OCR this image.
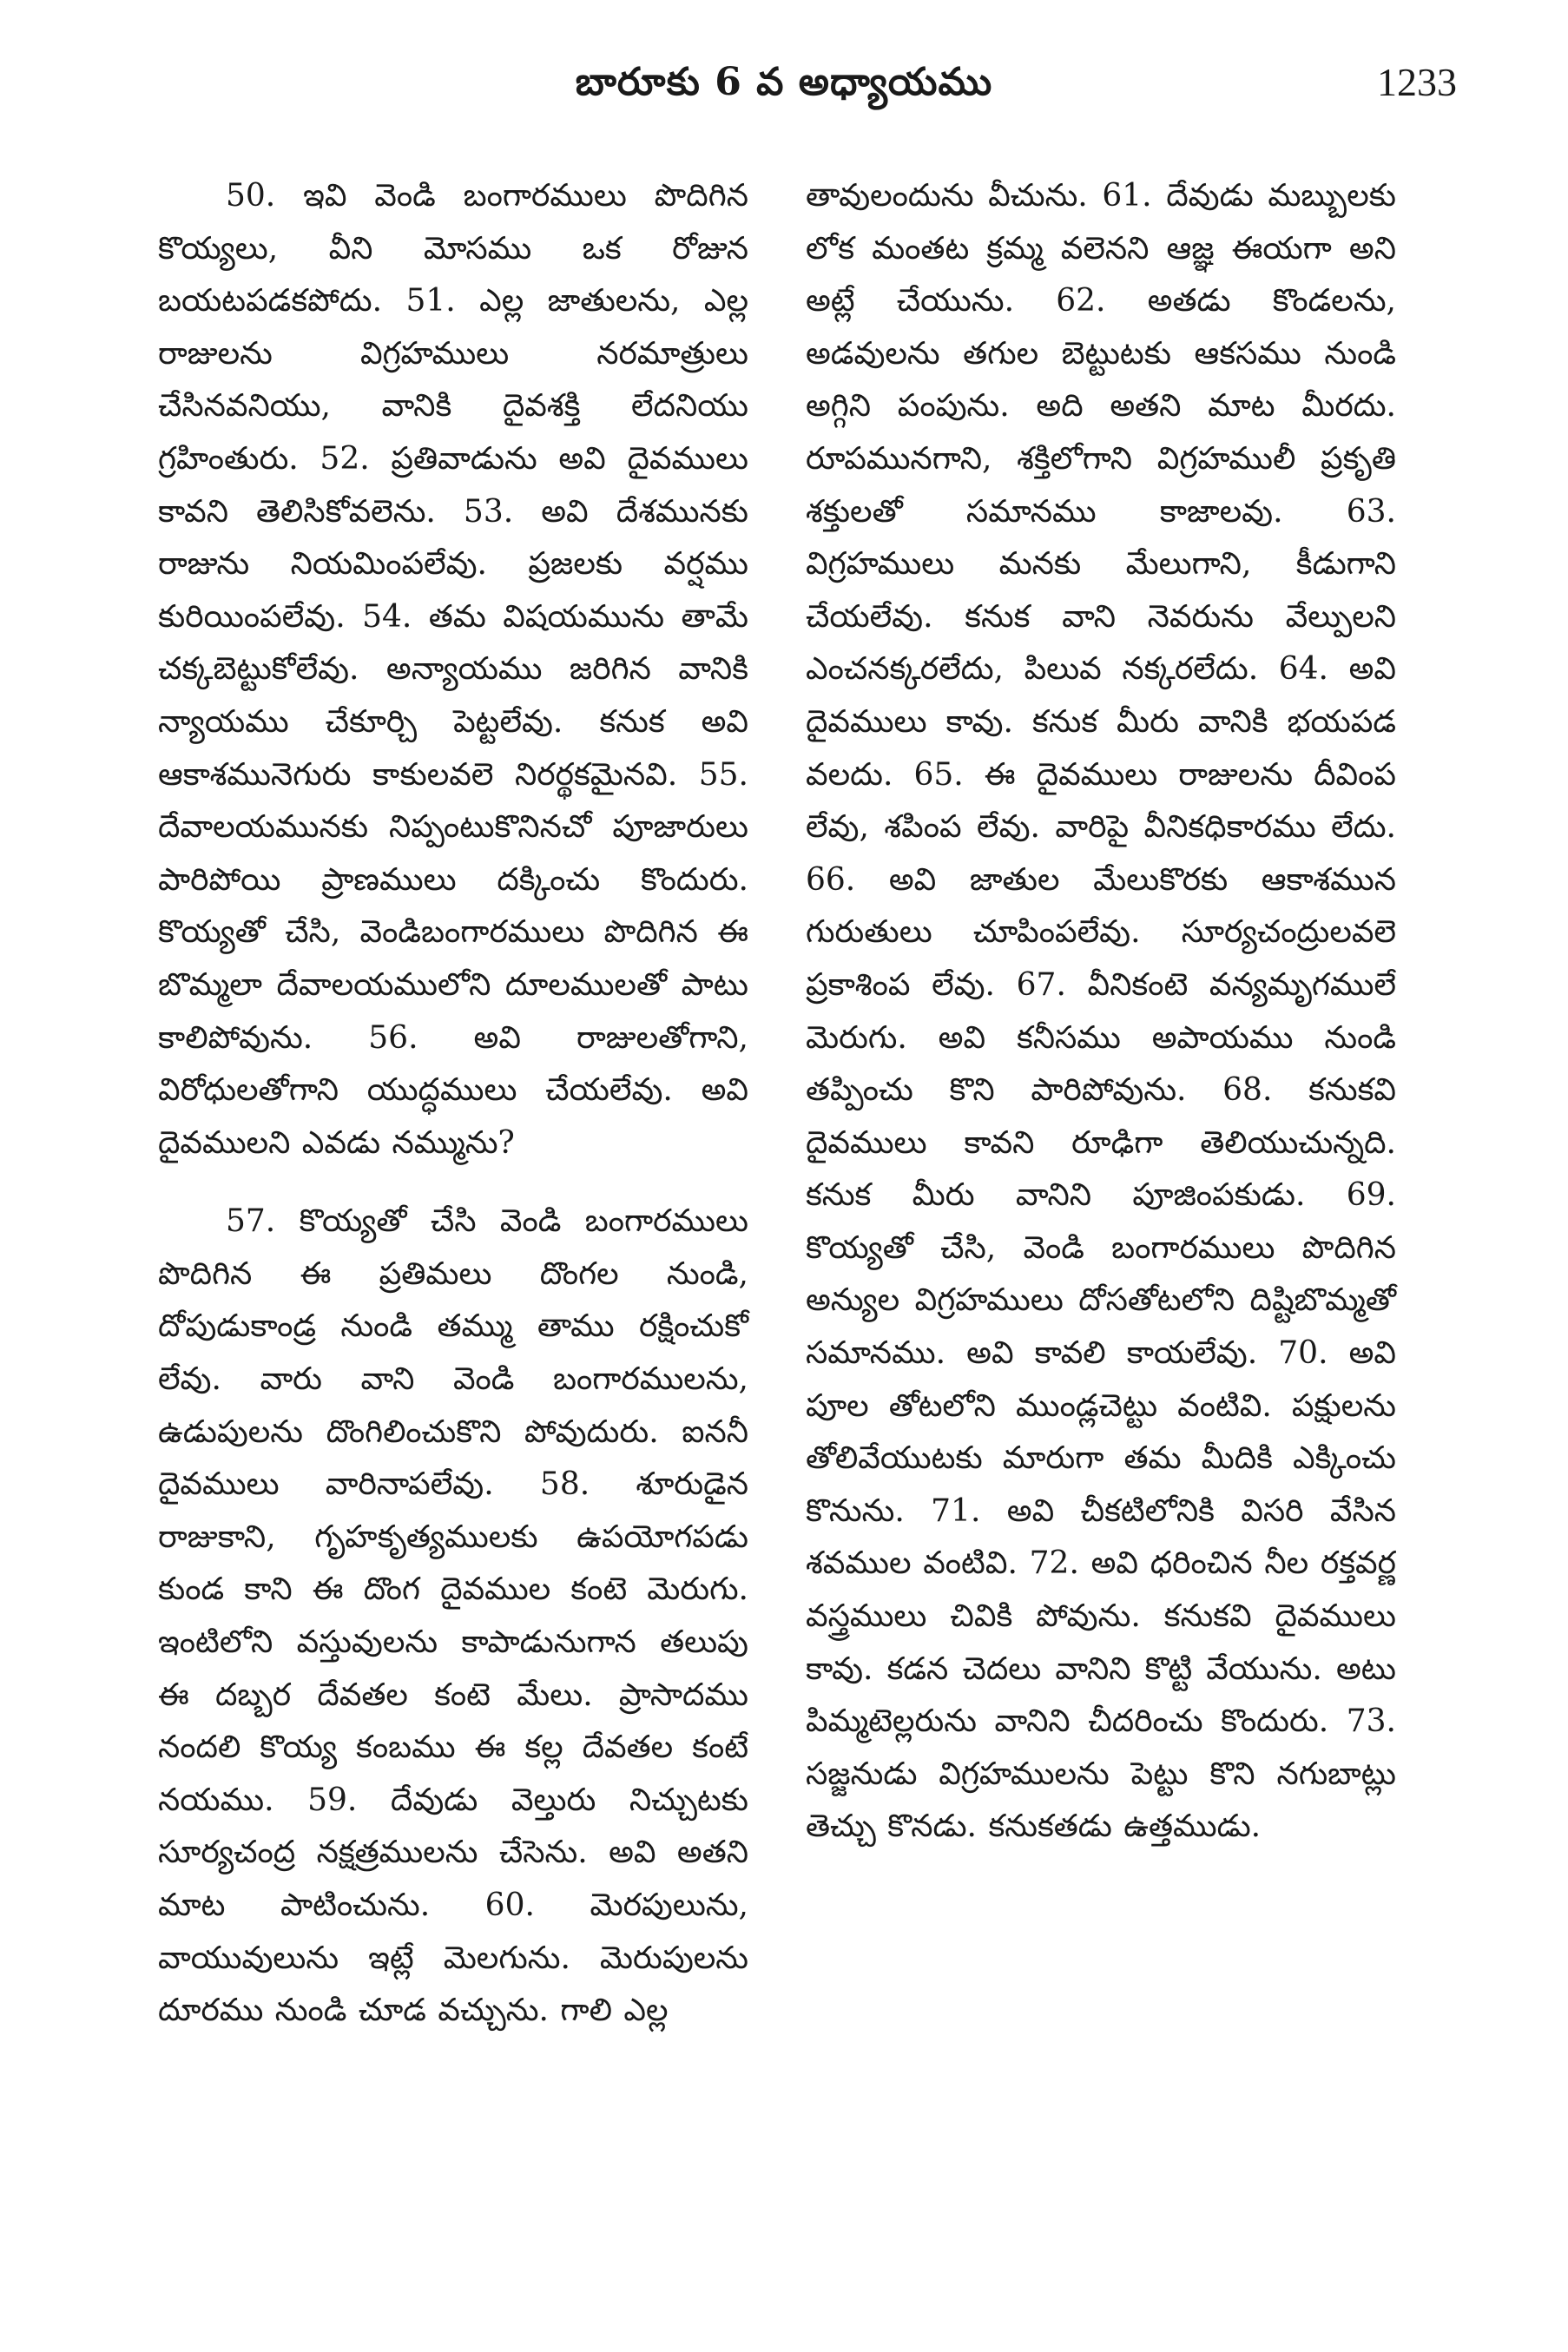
బారూకు 6 వ అధ్యాయము	1233

50. ఇవి వెండి బంగారములు పొదిగిన కొయ్యలు, వీని మోసము ఒక రోజున బయటపడకపోదు. 51. ఎల్ల జాతులను, ఎల్ల రాజులను విగ్రహములు నరమాత్రులు చేసినవనియు, వానికి దైవశక్తి లేదనియు గ్రహింతురు. 52. ప్రతివాడును అవి దైవములు కావని తెలిసికోవలెను. 53. అవి దేశమునకు రాజును నియమింపలేవు. ప్రజలకు వర్షము కురియింపలేవు. 54. తమ విషయమును తామే చక్కబెట్టుకోలేవు. అన్యాయము జరిగిన వానికి న్యాయము చేకూర్చి పెట్టలేవు. కనుక అవి ఆకాశమునెగురు కాకులవలె నిరర్థకమైనవి. 55. దేవాలయమునకు నిప్పంటుకొనినచో పూజారులు పారిపోయి ప్రాణములు దక్కించు కొందురు. కొయ్యతో చేసి, వెండిబంగారములు పొదిగిన ఈ బొమ్మలా దేవాలయములోని దూలములతో పాటు కాలిపోవును. 56. అవి రాజులతోగాని, విరోధులతోగాని యుద్ధములు చేయలేవు. అవి దైవములని ఎవడు నమ్మును?

57. కొయ్యతో చేసి వెండి బంగారములు పొదిగిన ఈ ప్రతిమలు దొంగల నుండి, దోపుడుకాండ్ర నుండి తమ్ము తాము రక్షించుకో లేవు. వారు వాని వెండి బంగారములను, ఉడుపులను దొంగిలించుకొని పోవుదురు. ఐననీ దైవములు వారినాపలేవు. 58. శూరుడైన రాజుకాని, గృహకృత్యములకు ఉపయోగపడు కుండ కాని ఈ దొంగ దైవముల కంటె మెరుగు. ఇంటిలోని వస్తువులను కాపాడునుగాన తలుపు ఈ దబ్బర దేవతల కంటె మేలు. ప్రాసాదము నందలి కొయ్య కంబము ఈ కల్ల దేవతల కంటే నయము. 59. దేవుడు వెల్తురు నిచ్చుటకు సూర్యచంద్ర నక్షత్రములను చేసెను. అవి అతని మాట పాటించును. 60. మెరపులును, వాయువులును ఇట్లే మెలగును. మెరుపులను దూరము నుండి చూడ వచ్చును. గాలి ఎల్ల

తావులందును వీచును. 61. దేవుడు మబ్బులకు లోక మంతట క్రమ్మ వలెనని ఆజ్ఞ ఈయగా అని అట్లే చేయును. 62. అతడు కొండలను, అడవులను తగుల బెట్టుటకు ఆకసము నుండి అగ్గిని పంపును. అది అతని మాట మీరదు. రూపమునగాని, శక్తిలోగాని విగ్రహములీ ప్రకృతి శక్తులతో సమానము కాజాలవు. 63. విగ్రహములు మనకు మేలుగాని, కీడుగాని చేయలేవు. కనుక వాని నెవరును వేల్పులని ఎంచనక్కరలేదు, పిలువ నక్కరలేదు. 64. అవి దైవములు కావు. కనుక మీరు వానికి భయపడ వలదు. 65. ఈ దైవములు రాజులను దీవింప లేవు, శపింప లేవు. వారిపై వీనికధికారము లేదు. 66. అవి జాతుల మేలుకొరకు ఆకాశమున గురుతులు చూపింపలేవు. సూర్యచంద్రులవలె ప్రకాశింప లేవు. 67. వీనికంటె వన్యమృగములే మెరుగు. అవి కనీసము అపాయము నుండి తప్పించు కొని పారిపోవును. 68. కనుకవి దైవములు కావని రూఢిగా తెలియుచున్నది. కనుక మీరు వానిని పూజింపకుడు. 69. కొయ్యతో చేసి, వెండి బంగారములు పొదిగిన అన్యుల విగ్రహములు దోసతోటలోని దిష్టిబొమ్మతో సమానము. అవి కావలి కాయలేవు. 70. అవి పూల తోటలోని ముండ్లచెట్టు వంటివి. పక్షులను తోలివేయుటకు మారుగా తమ మీదికి ఎక్కించు కొనును. 71. అవి చీకటిలోనికి విసరి వేసిన శవముల వంటివి. 72. అవి ధరించిన నీల రక్తవర్ణ వస్త్రములు చివికి పోవును. కనుకవి దైవములు కావు. కడన చెదలు వానిని కొట్టి వేయును. అటు పిమ్మటెల్లరును వానిని చీదరించు కొందురు. 73. సజ్జనుడు విగ్రహములను పెట్టు కొని నగుబాట్లు తెచ్చు కొనడు. కనుకతడు ఉత్తముడు.
